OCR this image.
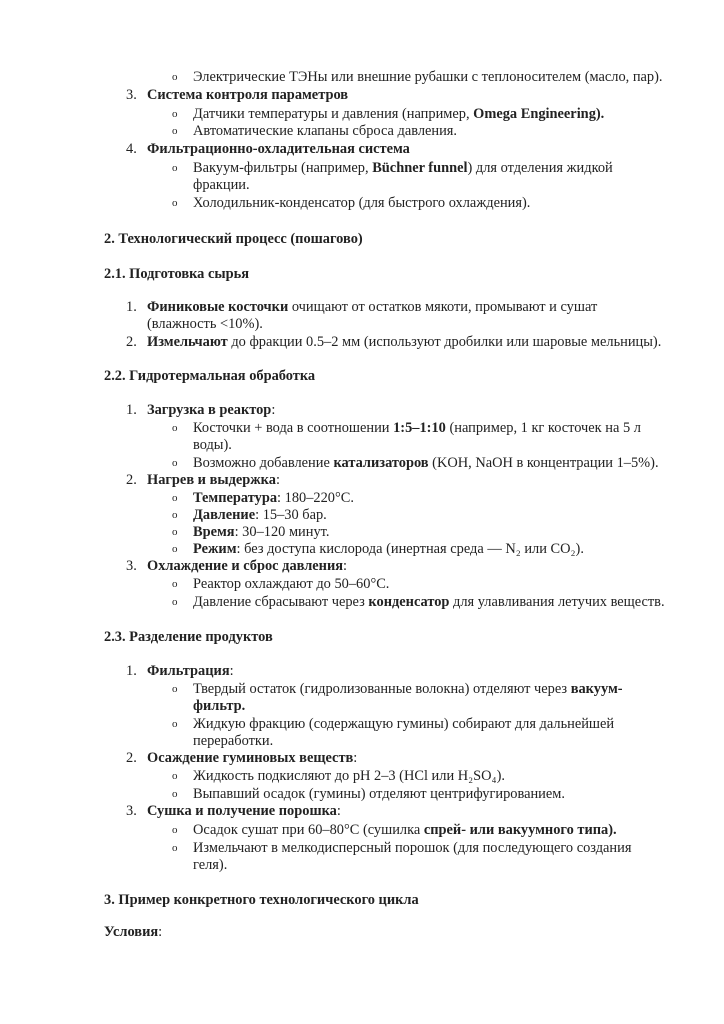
o Электрические ТЭНы или внешние рубашки с теплоносителем (масло, пар).
3. Система контроля параметров
o Датчики температуры и давления (например, Omega Engineering).
o Автоматические клапаны сброса давления.
4. Фильтрационно-охладительная система
o Вакуум-фильтры (например, Büchner funnel) для отделения жидкой
фракции.
o Холодильник-конденсатор (для быстрого охлаждения).
2. Технологический процесс (пошагово)
2.1. Подготовка сырья
1. Финиковые косточки очищают от остатков мякоти, промывают и сушат
(влажность <10%).
2. Измельчают до фракции 0.5–2 мм (используют дробилки или шаровые мельницы).
2.2. Гидротермальная обработка
1. Загрузка в реактор:
o Косточки + вода в соотношении 1:5–1:10 (например, 1 кг косточек на 5 л
воды).
o Возможно добавление катализаторов (KOH, NaOH в концентрации 1–5%).
2. Нагрев и выдержка:
o Температура: 180–220°C.
o Давление: 15–30 бар.
o Время: 30–120 минут.
o Режим: без доступа кислорода (инертная среда — N₂ или CO₂).
3. Охлаждение и сброс давления:
o Реактор охлаждают до 50–60°C.
o Давление сбрасывают через конденсатор для улавливания летучих веществ.
2.3. Разделение продуктов
1. Фильтрация:
o Твердый остаток (гидролизованные волокна) отделяют через вакуум-
фильтр.
o Жидкую фракцию (содержащую гумины) собирают для дальнейшей
переработки.
2. Осаждение гуминовых веществ:
o Жидкость подкисляют до pH 2–3 (HCl или H₂SO₄).
o Выпавший осадок (гумины) отделяют центрифугированием.
3. Сушка и получение порошка:
o Осадок сушат при 60–80°C (сушилка спрей- или вакуумного типа).
o Измельчают в мелкодисперсный порошок (для последующего создания
геля).
3. Пример конкретного технологического цикла
Условия:
